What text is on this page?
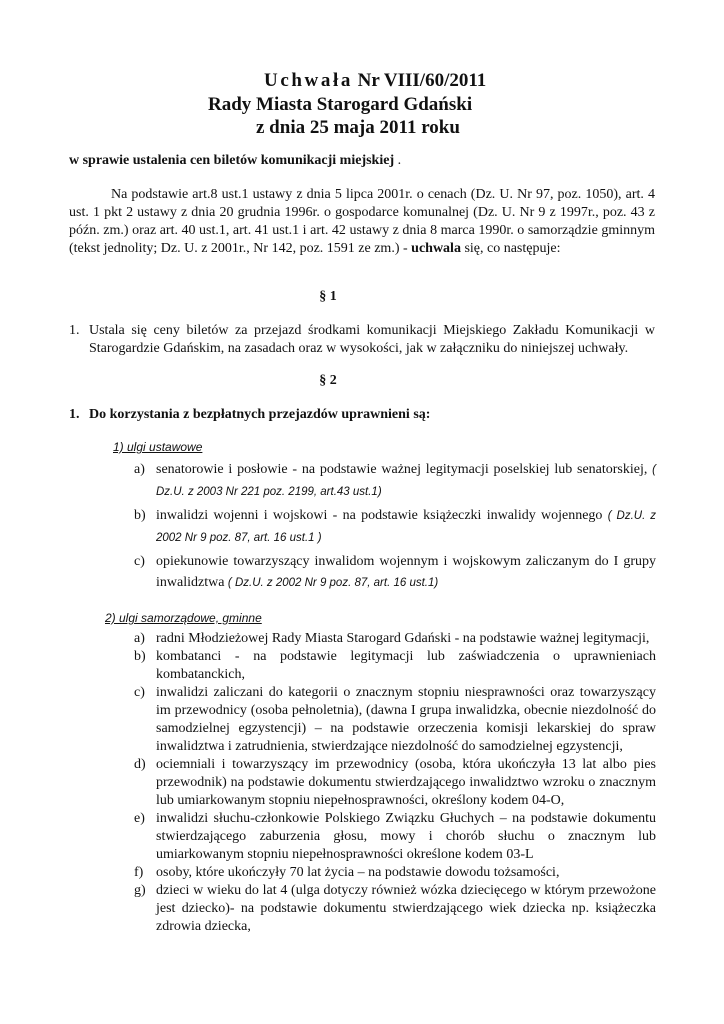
Uchwała Nr VIII/60/2011
Rady Miasta Starogard Gdański
z dnia 25 maja 2011 roku
w sprawie ustalenia cen biletów komunikacji miejskiej .
Na podstawie art.8 ust.1 ustawy z dnia 5 lipca 2001r. o cenach (Dz. U. Nr 97, poz. 1050), art. 4 ust. 1 pkt 2 ustawy z dnia 20 grudnia 1996r. o gospodarce komunalnej (Dz. U. Nr 9 z 1997r., poz. 43 z późn. zm.) oraz art. 40 ust.1, art. 41 ust.1 i art. 42 ustawy z dnia 8 marca 1990r. o samorządzie gminnym (tekst jednolity; Dz. U. z 2001r., Nr 142, poz. 1591 ze zm.) - uchwala się, co następuje:
§ 1
1. Ustala się ceny biletów za przejazd środkami komunikacji Miejskiego Zakładu Komunikacji w Starogardzie Gdańskim, na zasadach oraz w wysokości, jak w załączniku do niniejszej uchwały.
§ 2
1. Do korzystania z bezpłatnych przejazdów uprawnieni są:
1) ulgi ustawowe
a) senatorowie i posłowie - na podstawie ważnej legitymacji poselskiej lub senatorskiej, ( Dz.U. z 2003 Nr 221 poz. 2199, art.43 ust.1)
b) inwalidzi wojenni i wojskowi - na podstawie książeczki inwalidy wojennego ( Dz.U. z 2002 Nr 9 poz. 87, art. 16 ust.1 )
c) opiekunowie towarzyszący inwalidom wojennym i wojskowym zaliczanym do I grupy inwalidztwa ( Dz.U. z 2002 Nr 9 poz. 87, art. 16 ust.1)
2) ulgi samorządowe, gminne
a) radni Młodzieżowej Rady Miasta Starogard Gdański - na podstawie ważnej legitymacji,
b) kombatanci - na podstawie legitymacji lub zaświadczenia o uprawnieniach kombatanckich,
c) inwalidzi zaliczani do kategorii o znacznym stopniu niesprawności oraz towarzyszący im przewodnicy (osoba pełnoletnia), (dawna I grupa inwalidzka, obecnie niezdolność do samodzielnej egzystencji) – na podstawie orzeczenia komisji lekarskiej do spraw inwalidztwa i zatrudnienia, stwierdzające niezdolność do samodzielnej egzystencji,
d) ociemniali i towarzyszący im przewodnicy (osoba, która ukończyła 13 lat albo pies przewodnik) na podstawie dokumentu stwierdzającego inwalidztwo wzroku o znacznym lub umiarkowanym stopniu niepełnosprawności, określony kodem 04-O,
e) inwalidzi słuchu-członkowie Polskiego Związku Głuchych – na podstawie dokumentu stwierdzającego zaburzenia głosu, mowy i chorób słuchu o znacznym lub umiarkowanym stopniu niepełnosprawności określone kodem 03-L
f) osoby, które ukończyły 70 lat życia – na podstawie dowodu tożsamości,
g) dzieci w wieku do lat 4 (ulga dotyczy również wózka dziecięcego w którym przewożone jest dziecko)- na podstawie dokumentu stwierdzającego wiek dziecka np. książeczka zdrowia dziecka,
